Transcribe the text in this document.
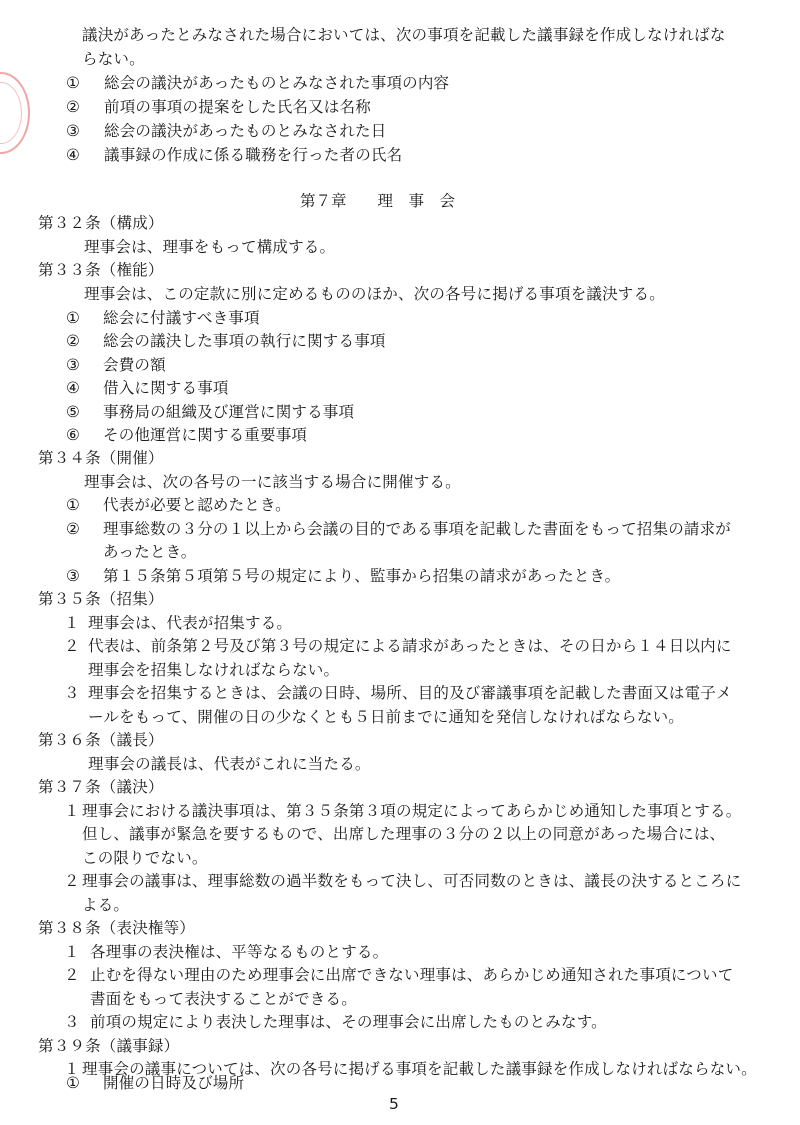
議決があったとみなされた場合においては、次の事項を記載した議事録を作成しなければな
らない。
① 総会の議決があったものとみなされた事項の内容
② 前項の事項の提案をした氏名又は名称
③ 総会の議決があったものとみなされた日
④ 議事録の作成に係る職務を行った者の氏名
第７章　　理　事　会
第３２条（構成）
理事会は、理事をもって構成する。
第３３条（権能）
理事会は、この定款に別に定めるもののほか、次の各号に掲げる事項を議決する。
① 総会に付議すべき事項
② 総会の議決した事項の執行に関する事項
③ 会費の額
④ 借入に関する事項
⑤ 事務局の組織及び運営に関する事項
⑥ その他運営に関する重要事項
第３４条（開催）
理事会は、次の各号の一に該当する場合に開催する。
① 代表が必要と認めたとき。
② 理事総数の３分の１以上から会議の目的である事項を記載した書面をもって招集の請求が
あったとき。
③ 第１５条第５項第５号の規定により、監事から招集の請求があったとき。
第３５条（招集）
１ 理事会は、代表が招集する。
２ 代表は、前条第２号及び第３号の規定による請求があったときは、その日から１４日以内に
理事会を招集しなければならない。
３ 理事会を招集するときは、会議の日時、場所、目的及び審議事項を記載した書面又は電子メ
ールをもって、開催の日の少なくとも５日前までに通知を発信しなければならない。
第３６条（議長）
理事会の議長は、代表がこれに当たる。
第３７条（議決）
１ 理事会における議決事項は、第３５条第３項の規定によってあらかじめ通知した事項とする。
但し、議事が緊急を要するもので、出席した理事の３分の２以上の同意があった場合には、
この限りでない。
２ 理事会の議事は、理事総数の過半数をもって決し、可否同数のときは、議長の決するところに
よる。
第３８条（表決権等）
１ 各理事の表決権は、平等なるものとする。
２ 止むを得ない理由のため理事会に出席できない理事は、あらかじめ通知された事項について
書面をもって表決することができる。
３ 前項の規定により表決した理事は、その理事会に出席したものとみなす。
第３９条（議事録）
１ 理事会の議事については、次の各号に掲げる事項を記載した議事録を作成しなければならない。
① 開催の日時及び場所
5
